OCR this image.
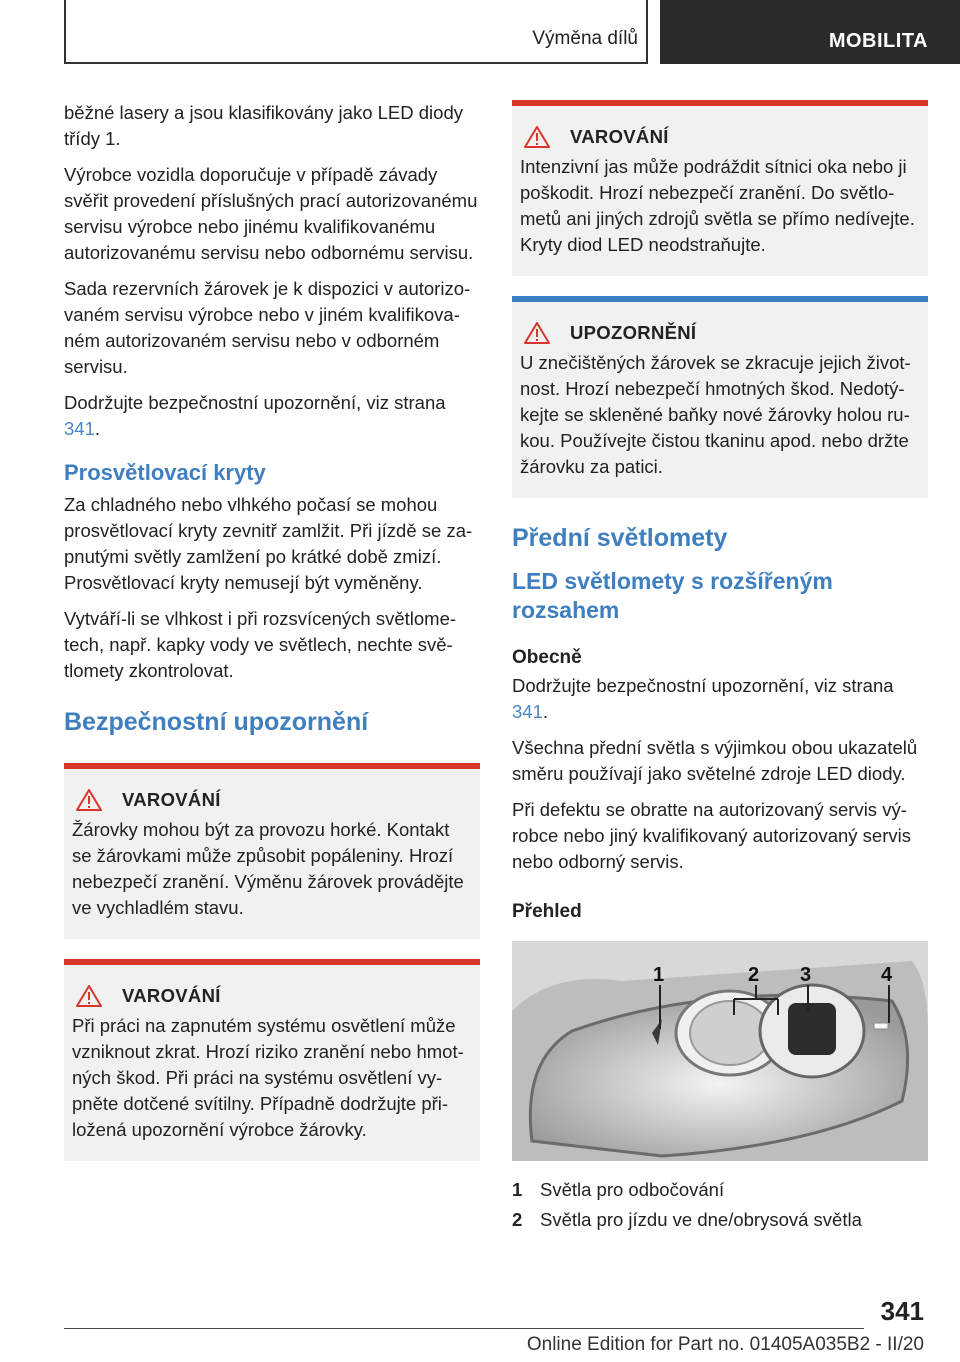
Výměna dílů	MOBILITA

běžné lasery a jsou klasifikovány jako LED diody třídy 1.

Výrobce vozidla doporučuje v případě závady svěřit provedení příslušných prací autorizovanému servisu výrobce nebo jinému kvalifikovanému autorizovanému servisu nebo odbornému servisu.

Sada rezervních žárovek je k dispozici v autorizovaném servisu výrobce nebo v jiném kvalifikovaném autorizovaném servisu nebo v odborném servisu.

Dodržujte bezpečnostní upozornění, viz strana 341.

Prosvětlovací kryty

Za chladného nebo vlhkého počasí se mohou prosvětlovací kryty zevnitř zamlžit. Při jízdě se zapnutými světly zamlžení po krátké době zmizí. Prosvětlovací kryty nemusejí být vyměněny.

Vytváří-li se vlhkost i při rozsvícených světlometech, např. kapky vody ve světlech, nechte světlomety zkontrolovat.

Bezpečnostní upozornění
VAROVÁNÍ

Žárovky mohou být za provozu horké. Kontakt se žárovkami může způsobit popáleniny. Hrozí nebezpečí zranění. Výměnu žárovek provádějte ve vychladlém stavu.

VAROVÁNÍ

Při práci na zapnutém systému osvětlení může vzniknout zkrat. Hrozí riziko zranění nebo hmotných škod. Při práci na systému osvětlení vypněte dotčené svítilny. Případně dodržujte přiložená upozornění výrobce žárovky.

VAROVÁNÍ

Intenzivní jas může podráždit sítnici oka nebo ji poškodit. Hrozí nebezpečí zranění. Do světlometů ani jiných zdrojů světla se přímo nedívejte. Kryty diod LED neodstraňujte.

UPOZORNĚNÍ

U znečištěných žárovek se zkracuje jejich životnost. Hrozí nebezpečí hmotných škod. Nedotýkejte se skleněné baňky nové žárovky holou rukou. Používejte čistou tkaninu apod. nebo držte žárovku za patici.

Přední světlomety
LED světlomety s rozšířeným rozsahem
Obecně

Dodržujte bezpečnostní upozornění, viz strana 341.

Všechna přední světla s výjimkou obou ukazatelů směru používají jako světelné zdroje LED diody.

Při defektu se obratte na autorizovaný servis výrobce nebo jiný kvalifikovaný autorizovaný servis nebo odborný servis.

Přehled
1	2 3	4
1 Světla pro odbočování
2 Světla pro jízdu ve dne/obrysová světla
341
Online Edition for Part no. 01405A035B2 - II/20
